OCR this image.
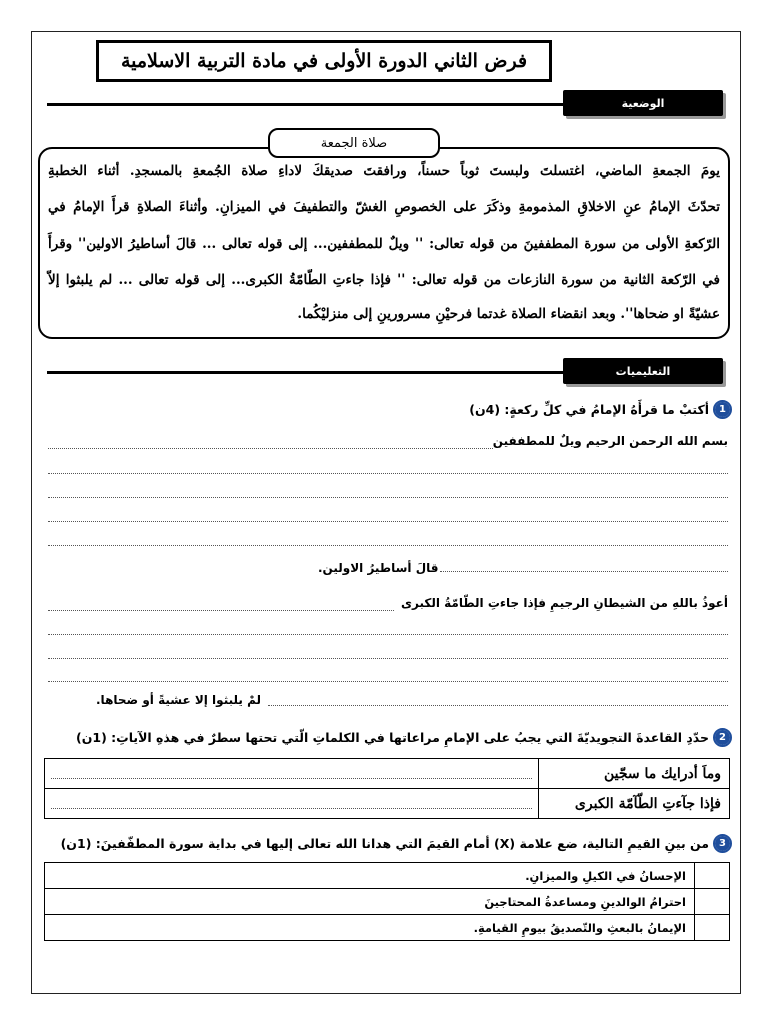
فرض الثاني الدورة الأولى في مادة التربية الاسلامية
الوضعية
صلاة الجمعة
يومَ الجمعةِ الماضي، اغتسلتَ ولبستَ ثوباً حسناً، ورافقتَ صديقكَ لاداءِ صلاة الجُمعةِ بالمسجدِ. أثناء الخطبةِ
تحدّثَ الإمامُ عنِ الاخلاقِ المذمومةِ وذكَرَ على الخصوصِ الغشّ والتطفيفَ في الميزانِ. وأثناءَ الصلاةِ قرأَ الإمامُ في
الرّكعةِ الأولى من سورة المطففينَ من قوله تعالى: '' ويلٌ للمطففين... إلى قوله تعالى ... قالَ أساطيرُ الاولين'' وقرأَ
في الرّكعة الثانية من سورة النازعات من قوله تعالى: '' فإذا جاءتِ الطّامّةُ الكبرى... إلى قوله تعالى ... لم يلبثوا إلاّ
عشيّةً او ضحاها''. وبعد انقضاء الصلاة غدتما فرحيْنِ مسرورينِ إلى منزليْكُما.
التعليميات
1
أكتبْ ما قرأَهُ الإمامُ في كلِّ ركعةٍ: (4ن)
بسم الله الرحمن الرحيم ويلٌ للمطففين
قالَ أساطيرُ الاولين.
أعوذُ باللهِ من الشيطانِ الرجيمِ فإذا جاءتِ الطّامّةُ الكبرى
لمْ يلبثوا إلا عشيةً أو ضحاها.
2
حدّدِ القاعدةَ التجويديّةَ التي يجبُ على الإمامِ مراعاتها في الكلماتِ الّتي تحتها سطرٌ في هذهِ الآياتِ: (1ن)
	وماَ أدرايك ما سجّين

	فإذا جآءتِ الطّآمّة الكبرى
3
من بينِ القيمِ التالية، ضع علامة (X) أمام القيمَ التي هدانا الله تعالى إليها في بداية سورة المطفّفينَ: (1ن)
الإحسانُ في الكيلِ والميزانِ.	
احترامُ الوالدينِ ومساعدةُ المحتاجينَ	
الإيمانُ بالبعثِ والتّصديقُ بيومِ القيامةِ.	
